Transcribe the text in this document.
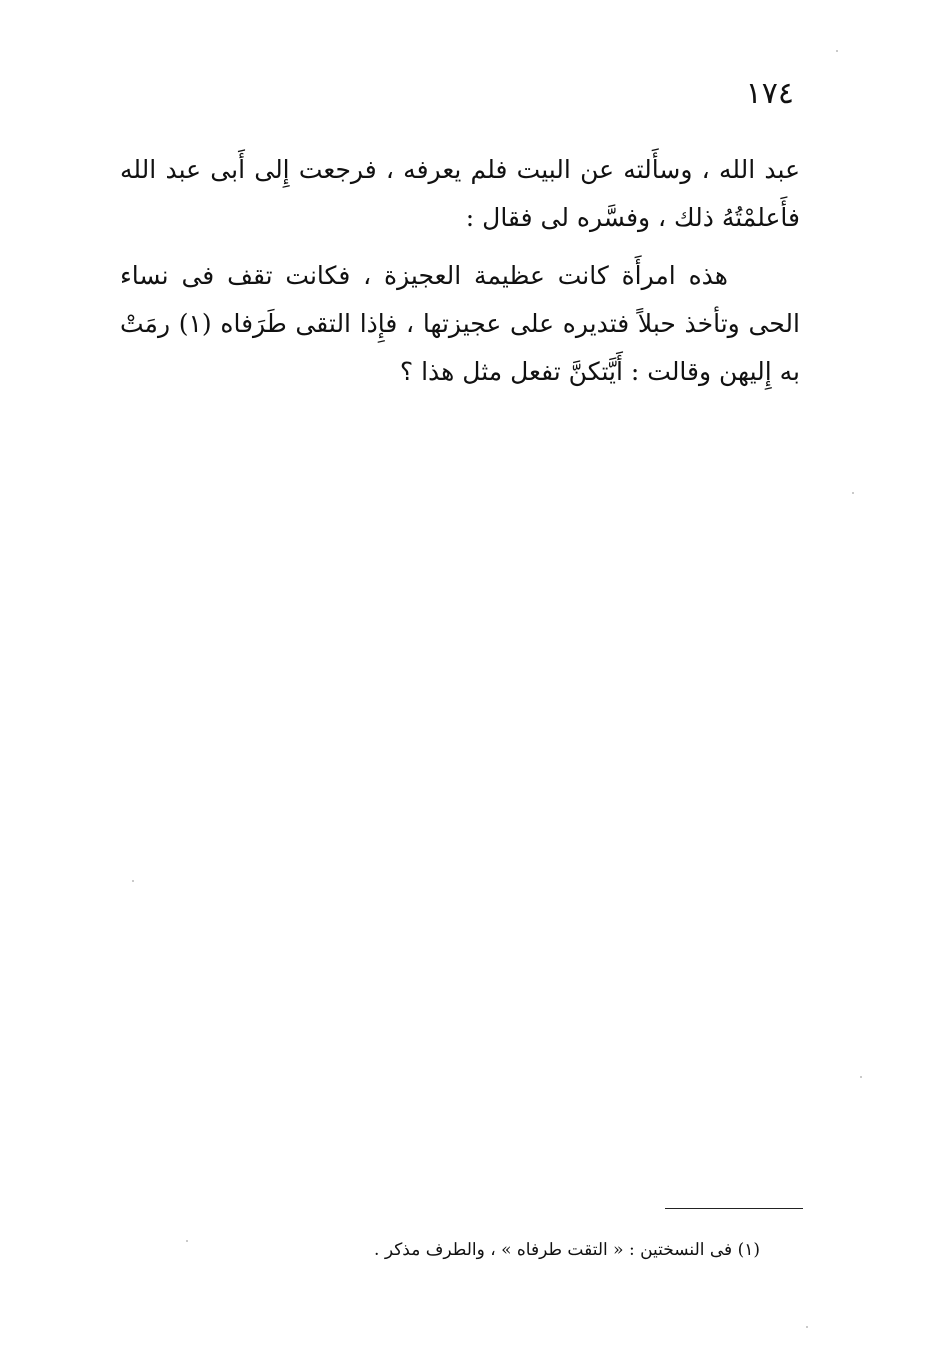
١٧٤

عبد الله ، وسأَلته عن البيت فلم يعرفه ، فرجعت إِلى أَبى عبد الله فأَعلمْتُهُ ذلك ، وفسَّره لى فقال :

هذه امرأَة كانت عظيمة العجيزة ، فكانت تقف فى نساء الحى وتأخذ حبلاً فتديره على عجيزتها ، فإِذا التقى طَرَفاه (١) رمَتْ به إِليهن وقالت : أَيَّتكنَّ تفعل مثل هذا ؟

(١) فى النسختين : « التقت طرفاه » ، والطرف مذكر .
